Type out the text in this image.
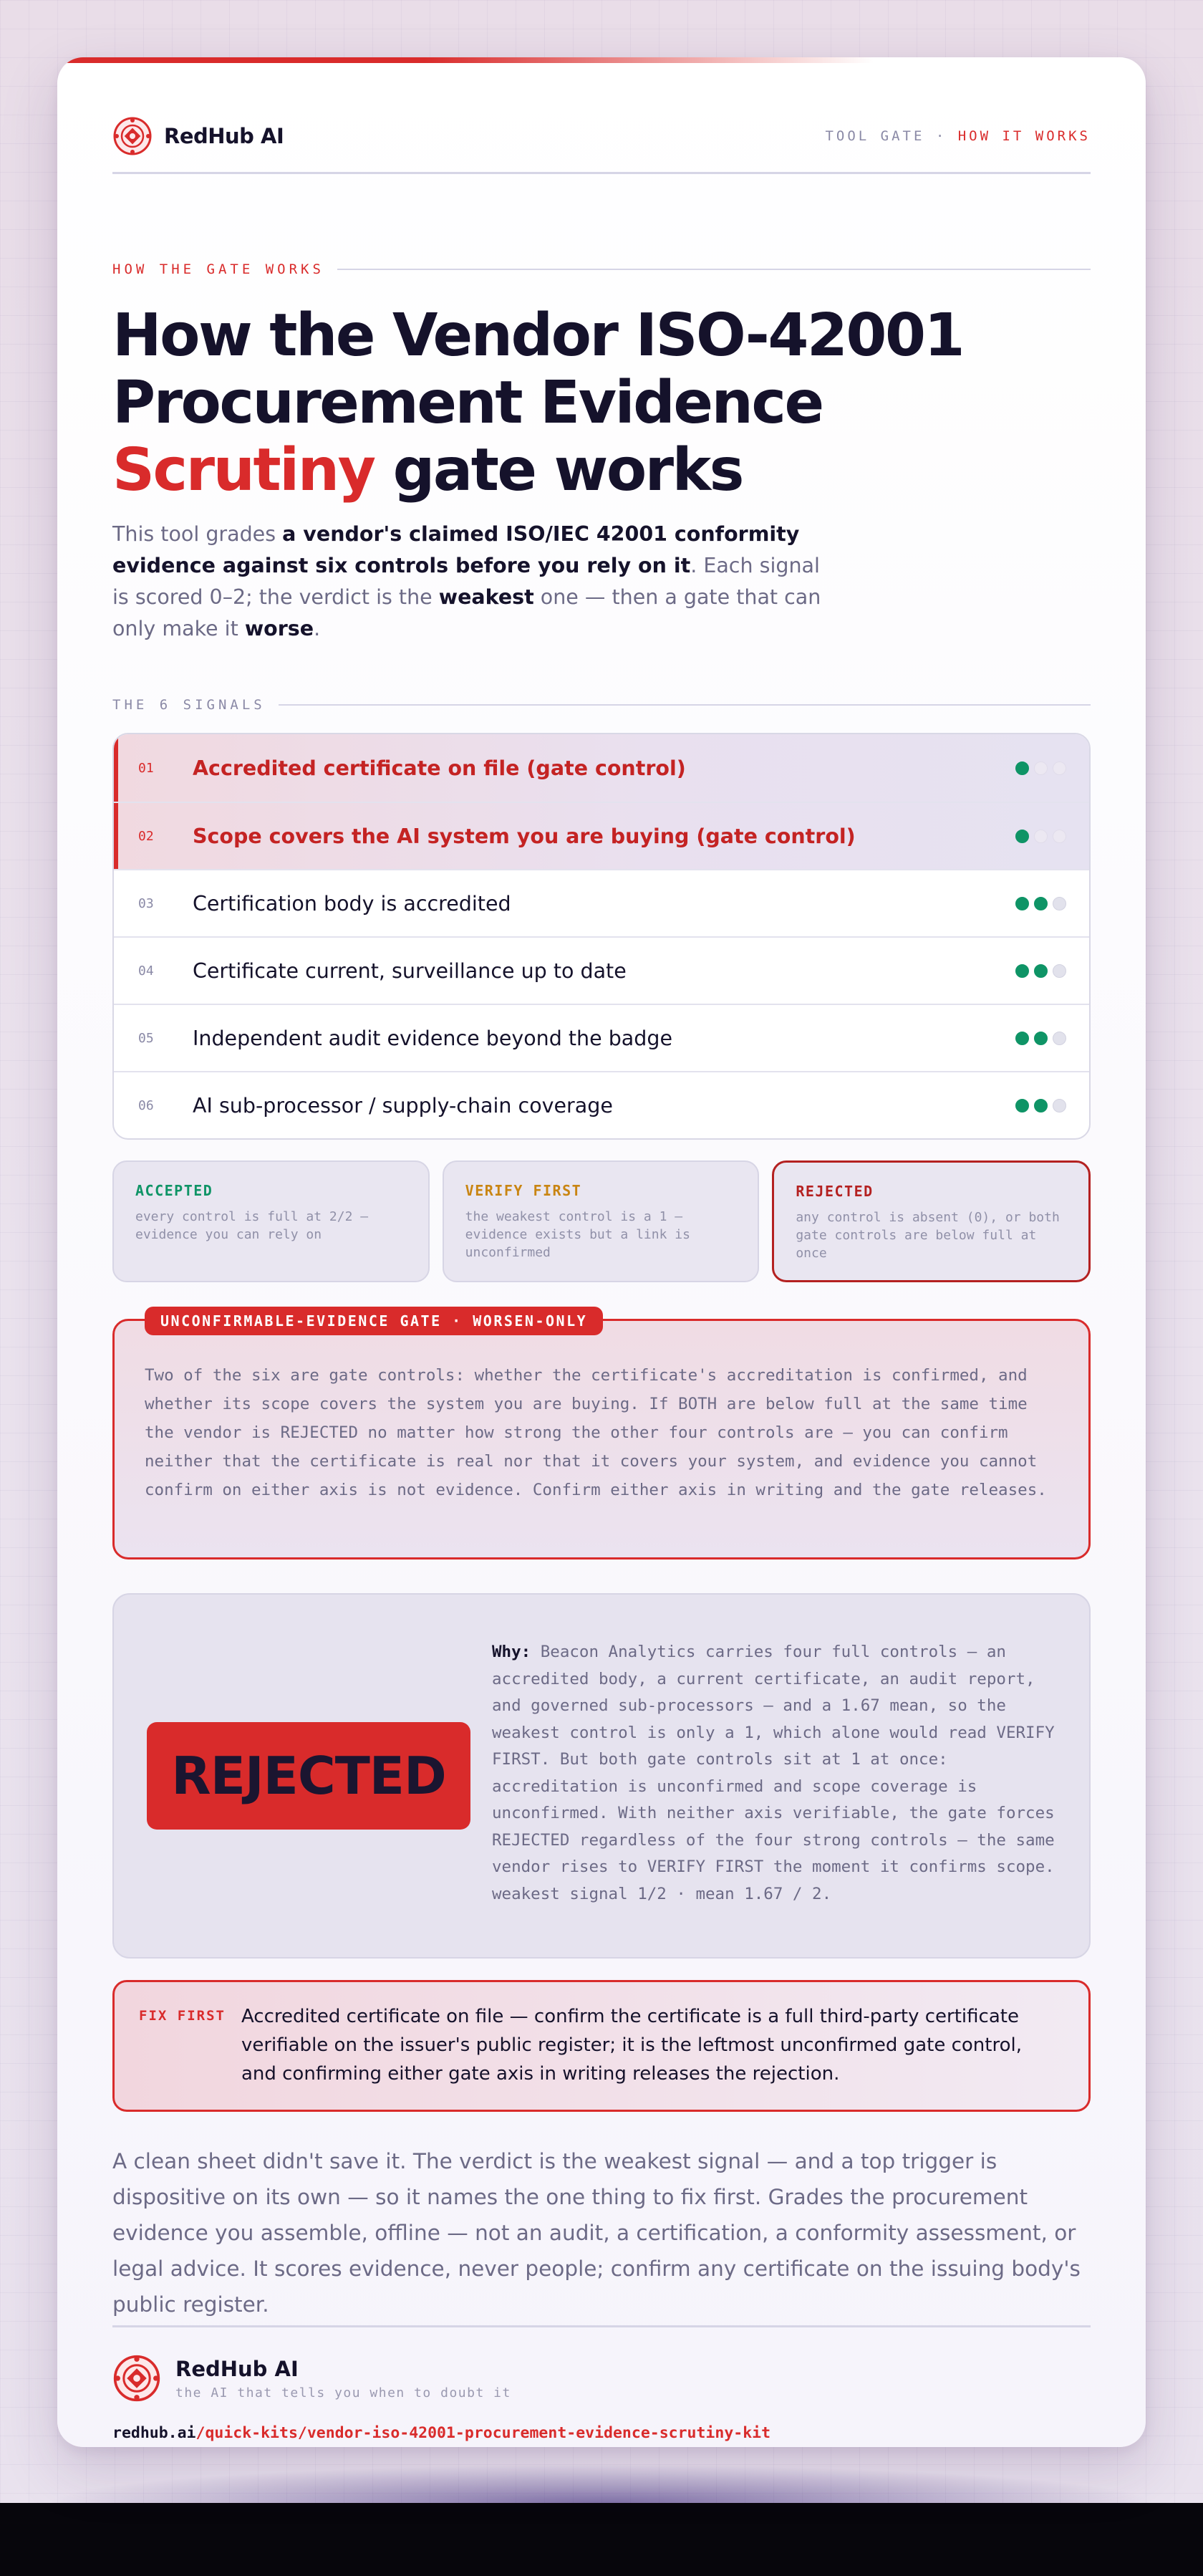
RedHub AI	TOOL GATE · HOW IT WORKS
HOW THE GATE WORKS
How the Vendor ISO-42001
Procurement Evidence
Scrutiny gate works

This tool grades a vendor's claimed ISO/IEC 42001 conformity evidence against six controls before you rely on it. Each signal is scored 0–2; the verdict is the weakest one — then a gate that can only make it worse.

THE 6 SIGNALS
01	Accredited certificate on file (gate control)
02	Scope covers the AI system you are buying (gate control)
03	Certification body is accredited
04	Certificate current, surveillance up to date
05	Independent audit evidence beyond the badge
06	AI sub-processor / supply-chain coverage
ACCEPTED
every control is full at 2/2 — evidence you can rely on
VERIFY FIRST
the weakest control is a 1 — evidence exists but a link is unconfirmed
REJECTED
any control is absent (0), or both gate controls are below full at once
UNCONFIRMABLE-EVIDENCE GATE · WORSEN-ONLY

Two of the six are gate controls: whether the certificate's accreditation is confirmed, and whether its scope covers the system you are buying. If BOTH are below full at the same time the vendor is REJECTED no matter how strong the other four controls are — you can confirm neither that the certificate is real nor that it covers your system, and evidence you cannot confirm on either axis is not evidence. Confirm either axis in writing and the gate releases.

REJECTED

Why: Beacon Analytics carries four full controls — an accredited body, a current certificate, an audit report, and governed sub-processors — and a 1.67 mean, so the weakest control is only a 1, which alone would read VERIFY FIRST. But both gate controls sit at 1 at once: accreditation is unconfirmed and scope coverage is unconfirmed. With neither axis verifiable, the gate forces REJECTED regardless of the four strong controls — the same vendor rises to VERIFY FIRST the moment it confirms scope. weakest signal 1/2 · mean 1.67 / 2.

FIX FIRST Accredited certificate on file — confirm the certificate is a full third-party certificate verifiable on the issuer's public register; it is the leftmost unconfirmed gate control, and confirming either gate axis in writing releases the rejection.

A clean sheet didn't save it. The verdict is the weakest signal — and a top trigger is dispositive on its own — so it names the one thing to fix first. Grades the procurement evidence you assemble, offline — not an audit, a certification, a conformity assessment, or legal advice. It scores evidence, never people; confirm any certificate on the issuing body's public register.

RedHub AI
the AI that tells you when to doubt it
redhub.ai/quick-kits/vendor-iso-42001-procurement-evidence-scrutiny-kit
